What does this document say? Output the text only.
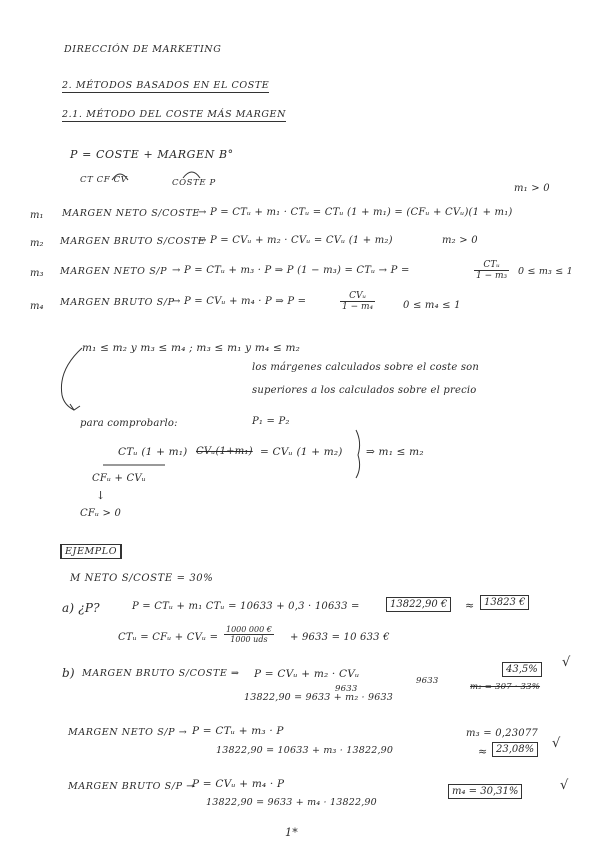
DIRECCIÓN DE MARKETING
2. MÉTODOS BASADOS EN EL COSTE
2.1. MÉTODO DEL COSTE MÁS MARGEN
P = COSTE + MARGEN B°
CT CF CV	COSTE P	m₁ > 0
m₁ MARGEN NETO S/COSTE
→ P = CTᵤ + m₁ · CTᵤ = CTᵤ (1 + m₁) = (CFᵤ + CVᵤ)(1 + m₁)
m₂ MARGEN BRUTO S/COSTE
→ P = CVᵤ + m₂ · CVᵤ = CVᵤ (1 + m₂)	m₂ > 0
m₃ MARGEN NETO S/P → P = CTᵤ + m₃ · P ⇒ P (1 − m₃) = CTᵤ → P =	CTᵤ
1 − m₃ 0 ≤ m₃ ≤ 1
m₄ MARGEN BRUTO S/P
→ P = CVᵤ + m₄ · P ⇒ P =	CVᵤ
1 − m₄	0 ≤ m₄ ≤ 1
m₁ ≤ m₂ y m₃ ≤ m₄ ; m₃ ≤ m₁ y m₄ ≤ m₂
los márgenes calculados sobre el coste son
superiores a los calculados sobre el precio
para comprobarlo:	P₁ = P₂
CTᵤ (1 + m₁) CVᵤ(1+m₁) = CVᵤ (1 + m₂) ⇒ m₁ ≤ m₂
CFᵤ + CVᵤ
↓
CFᵤ > 0
EJEMPLO
M NETO S/COSTE = 30%
a) ¿P?	P = CTᵤ + m₁ CTᵤ = 10633 + 0,3 · 10633 =	13822,90 €	≈ 13823 €
CTᵤ = CFᵤ + CVᵤ =
1000 000 €
1000 uds	+ 9633 = 10 633 €
b) MARGEN BRUTO S/COSTE ⇒ P = CVᵤ + m₂ · CVᵤ
9633
9633
13822,90 = 9633 + m₂ · 9633
43,5%
m₂ = 307 · 33%
√
MARGEN NETO S/P → P = CTᵤ + m₃ · P
13822,90 = 10633 + m₃ · 13822,90
m₃ = 0,23077
≈ 23,08%	√
MARGEN BRUTO S/P →
P = CVᵤ + m₄ · P
13822,90 = 9633 + m₄ · 13822,90
m₄ = 30,31%	√
1*
